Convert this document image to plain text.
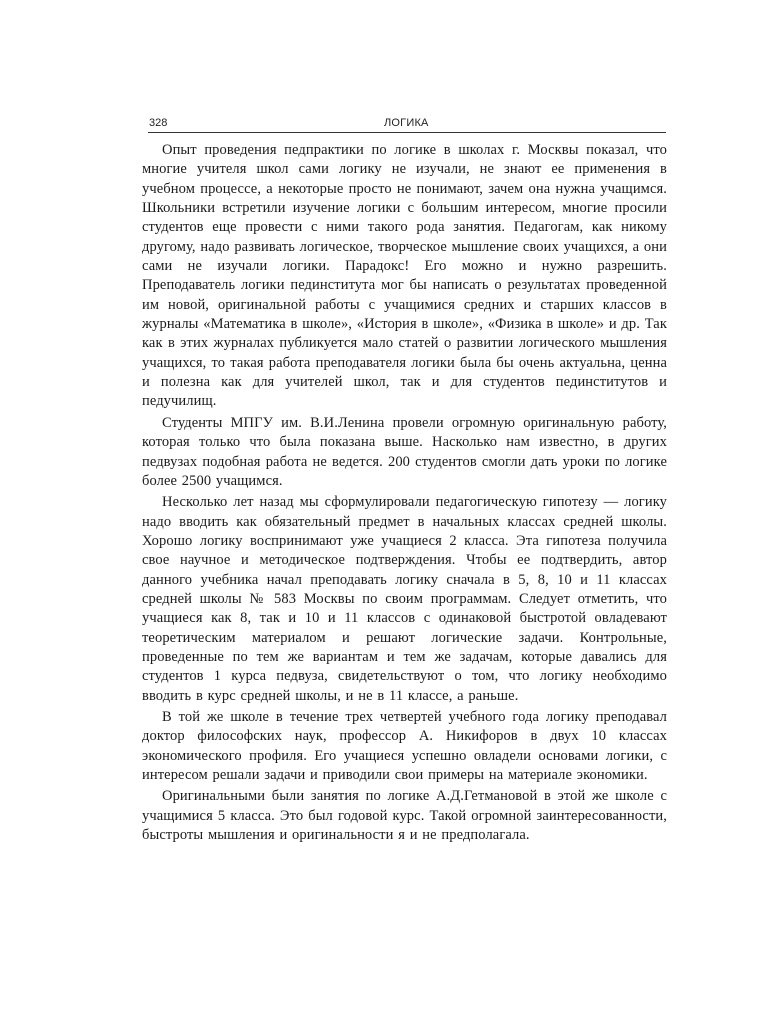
328	ЛОГИКА

Опыт проведения педпрактики по логике в школах г. Москвы показал, что многие учителя школ сами логику не изучали, не знают ее применения в учебном процессе, а некоторые просто не понимают, зачем она нужна учащимся. Школьники встретили изучение логики с большим интересом, многие просили студентов еще провести с ними такого рода занятия. Педагогам, как никому другому, надо развивать логическое, творческое мышление своих учащихся, а они сами не изучали логики. Парадокс! Его можно и нужно разрешить. Преподаватель логики пединститута мог бы написать о результатах проведенной им новой, оригинальной работы с учащимися средних и старших классов в журналы «Математика в школе», «История в школе», «Физика в школе» и др. Так как в этих журналах публикуется мало статей о развитии логического мышления учащихся, то такая работа преподавателя логики была бы очень актуальна, ценна и полезна как для учителей школ, так и для студентов пединститутов и педучилищ.

Студенты МПГУ им. В.И.Ленина провели огромную оригинальную работу, которая только что была показана выше. Насколько нам известно, в других педвузах подобная работа не ведется. 200 студентов смогли дать уроки по логике более 2500 учащимся.

Несколько лет назад мы сформулировали педагогическую гипотезу — логику надо вводить как обязательный предмет в начальных классах средней школы. Хорошо логику воспринимают уже учащиеся 2 класса. Эта гипотеза получила свое научное и методическое подтверждения. Чтобы ее подтвердить, автор данного учебника начал преподавать логику сначала в 5, 8, 10 и 11 классах средней школы № 583 Москвы по своим программам. Следует отметить, что учащиеся как 8, так и 10 и 11 классов с одинаковой быстротой овладевают теоретическим материалом и решают логические задачи. Контрольные, проведенные по тем же вариантам и тем же задачам, которые давались для студентов 1 курса педвуза, свидетельствуют о том, что логику необходимо вводить в курс средней школы, и не в 11 классе, а раньше.

В той же школе в течение трех четвертей учебного года логику преподавал доктор философских наук, профессор А. Никифоров в двух 10 классах экономического профиля. Его учащиеся успешно овладели основами логики, с интересом решали задачи и приводили свои примеры на материале экономики.

Оригинальными были занятия по логике А.Д.Гетмановой в этой же школе с учащимися 5 класса. Это был годовой курс. Такой огромной заинтересованности, быстроты мышления и оригинальности я и не предполагала.
